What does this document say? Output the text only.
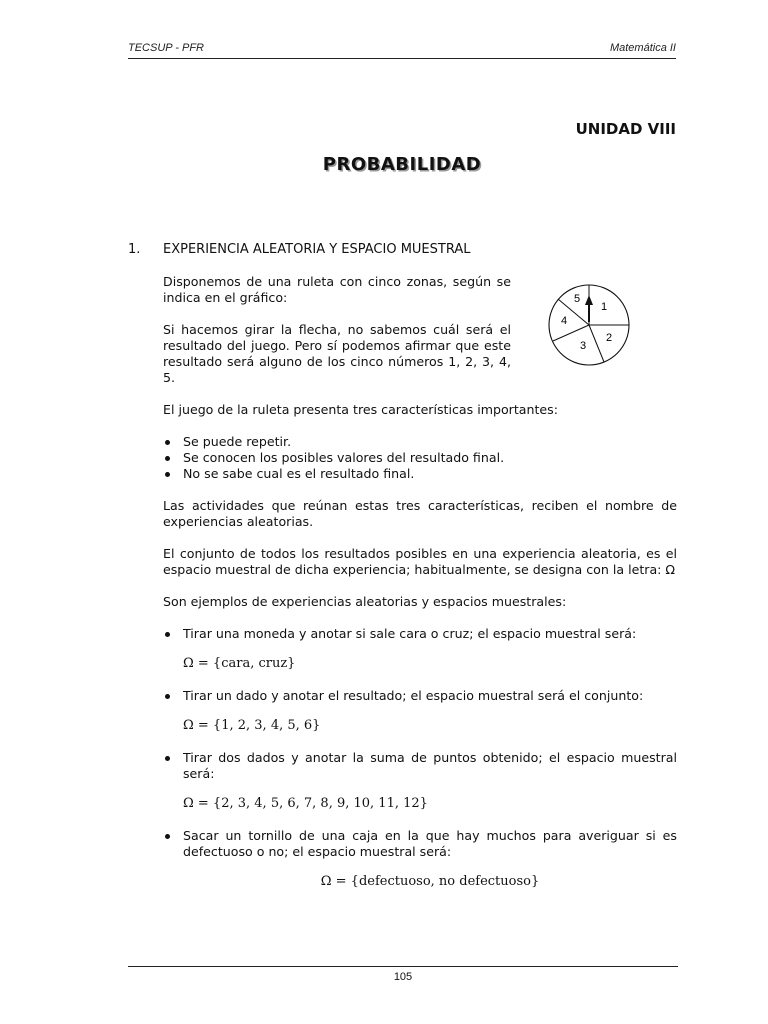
TECSUP - PFR	Matemática II
UNIDAD VIII
PROBABILIDAD
1. EXPERIENCIA ALEATORIA Y ESPACIO MUESTRAL
1
2
3
4
5

Disponemos de una ruleta con cinco zonas, según se indica en el gráfico:

Si hacemos girar la flecha, no sabemos cuál será el resultado del juego. Pero sí podemos afirmar que este resultado será alguno de los cinco números 1, 2, 3, 4, 5.

El juego de la ruleta presenta tres características importantes:

Se puede repetir.
Se conocen los posibles valores del resultado final.
No se sabe cual es el resultado final.

Las actividades que reúnan estas tres características, reciben el nombre de experiencias aleatorias.

El conjunto de todos los resultados posibles en una experiencia aleatoria, es el espacio muestral de dicha experiencia; habitualmente, se designa con la letra: Ω

Son ejemplos de experiencias aleatorias y espacios muestrales:

Tirar una moneda y anotar si sale cara o cruz; el espacio muestral será:
Ω = {cara, cruz}
Tirar un dado y anotar el resultado; el espacio muestral será el conjunto:
Ω = {1, 2, 3, 4, 5, 6}
Tirar dos dados y anotar la suma de puntos obtenido; el espacio muestral será:
Ω = {2, 3, 4, 5, 6, 7, 8, 9, 10, 11, 12}
Sacar un tornillo de una caja en la que hay muchos para averiguar si es defectuoso o no; el espacio muestral será:
Ω = {defectuoso, no defectuoso}
105
